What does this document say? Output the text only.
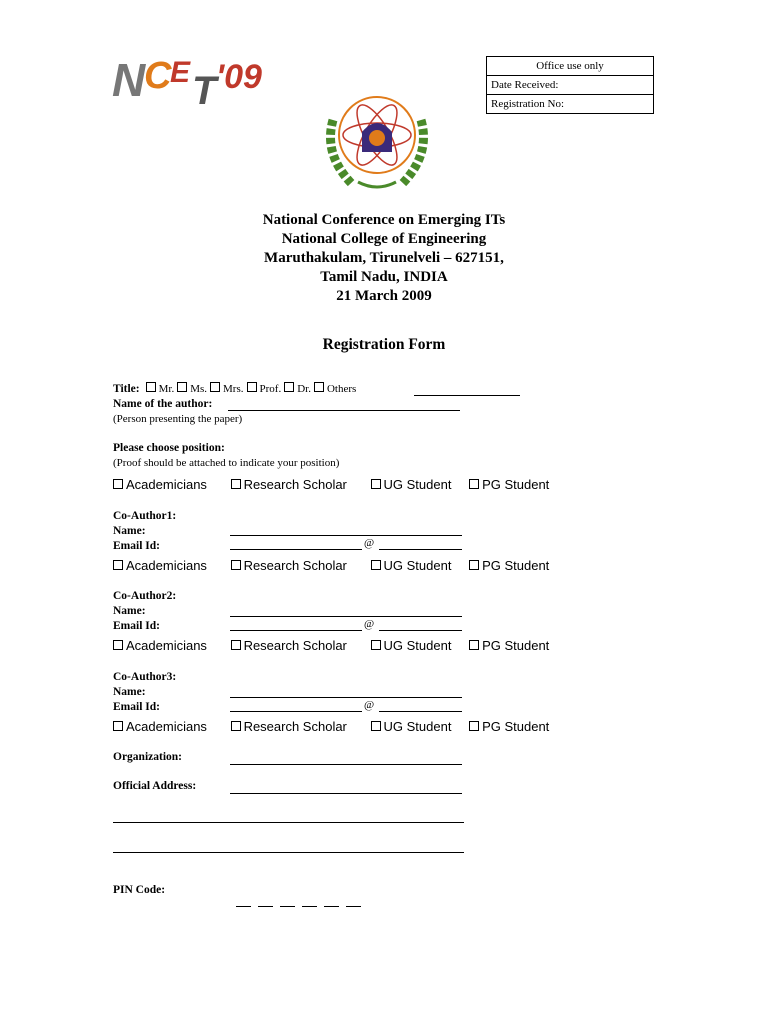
N
C
E T '09	Office use only
Date Received:
Registration No:
National Conference on Emerging ITs
National College of Engineering
Maruthakulam, Tirunelveli – 627151,
Tamil Nadu, INDIA
21 March 2009
Registration Form
Title: Mr. Ms. Mrs. Prof. Dr. Others
Name of the author:
(Person presenting the paper)
Please choose position:
(Proof should be attached to indicate your position)
Academicians	Research Scholar	UG Student PG Student
Co-Author1:
Name:
Email Id:	@
Academicians	Research Scholar	UG Student PG Student
Co-Author2:
Name:
Email Id:	@
Academicians	Research Scholar	UG Student PG Student
Co-Author3:
Name:
Email Id:	@
Academicians	Research Scholar	UG Student PG Student
Organization:
Official Address:
PIN Code:
